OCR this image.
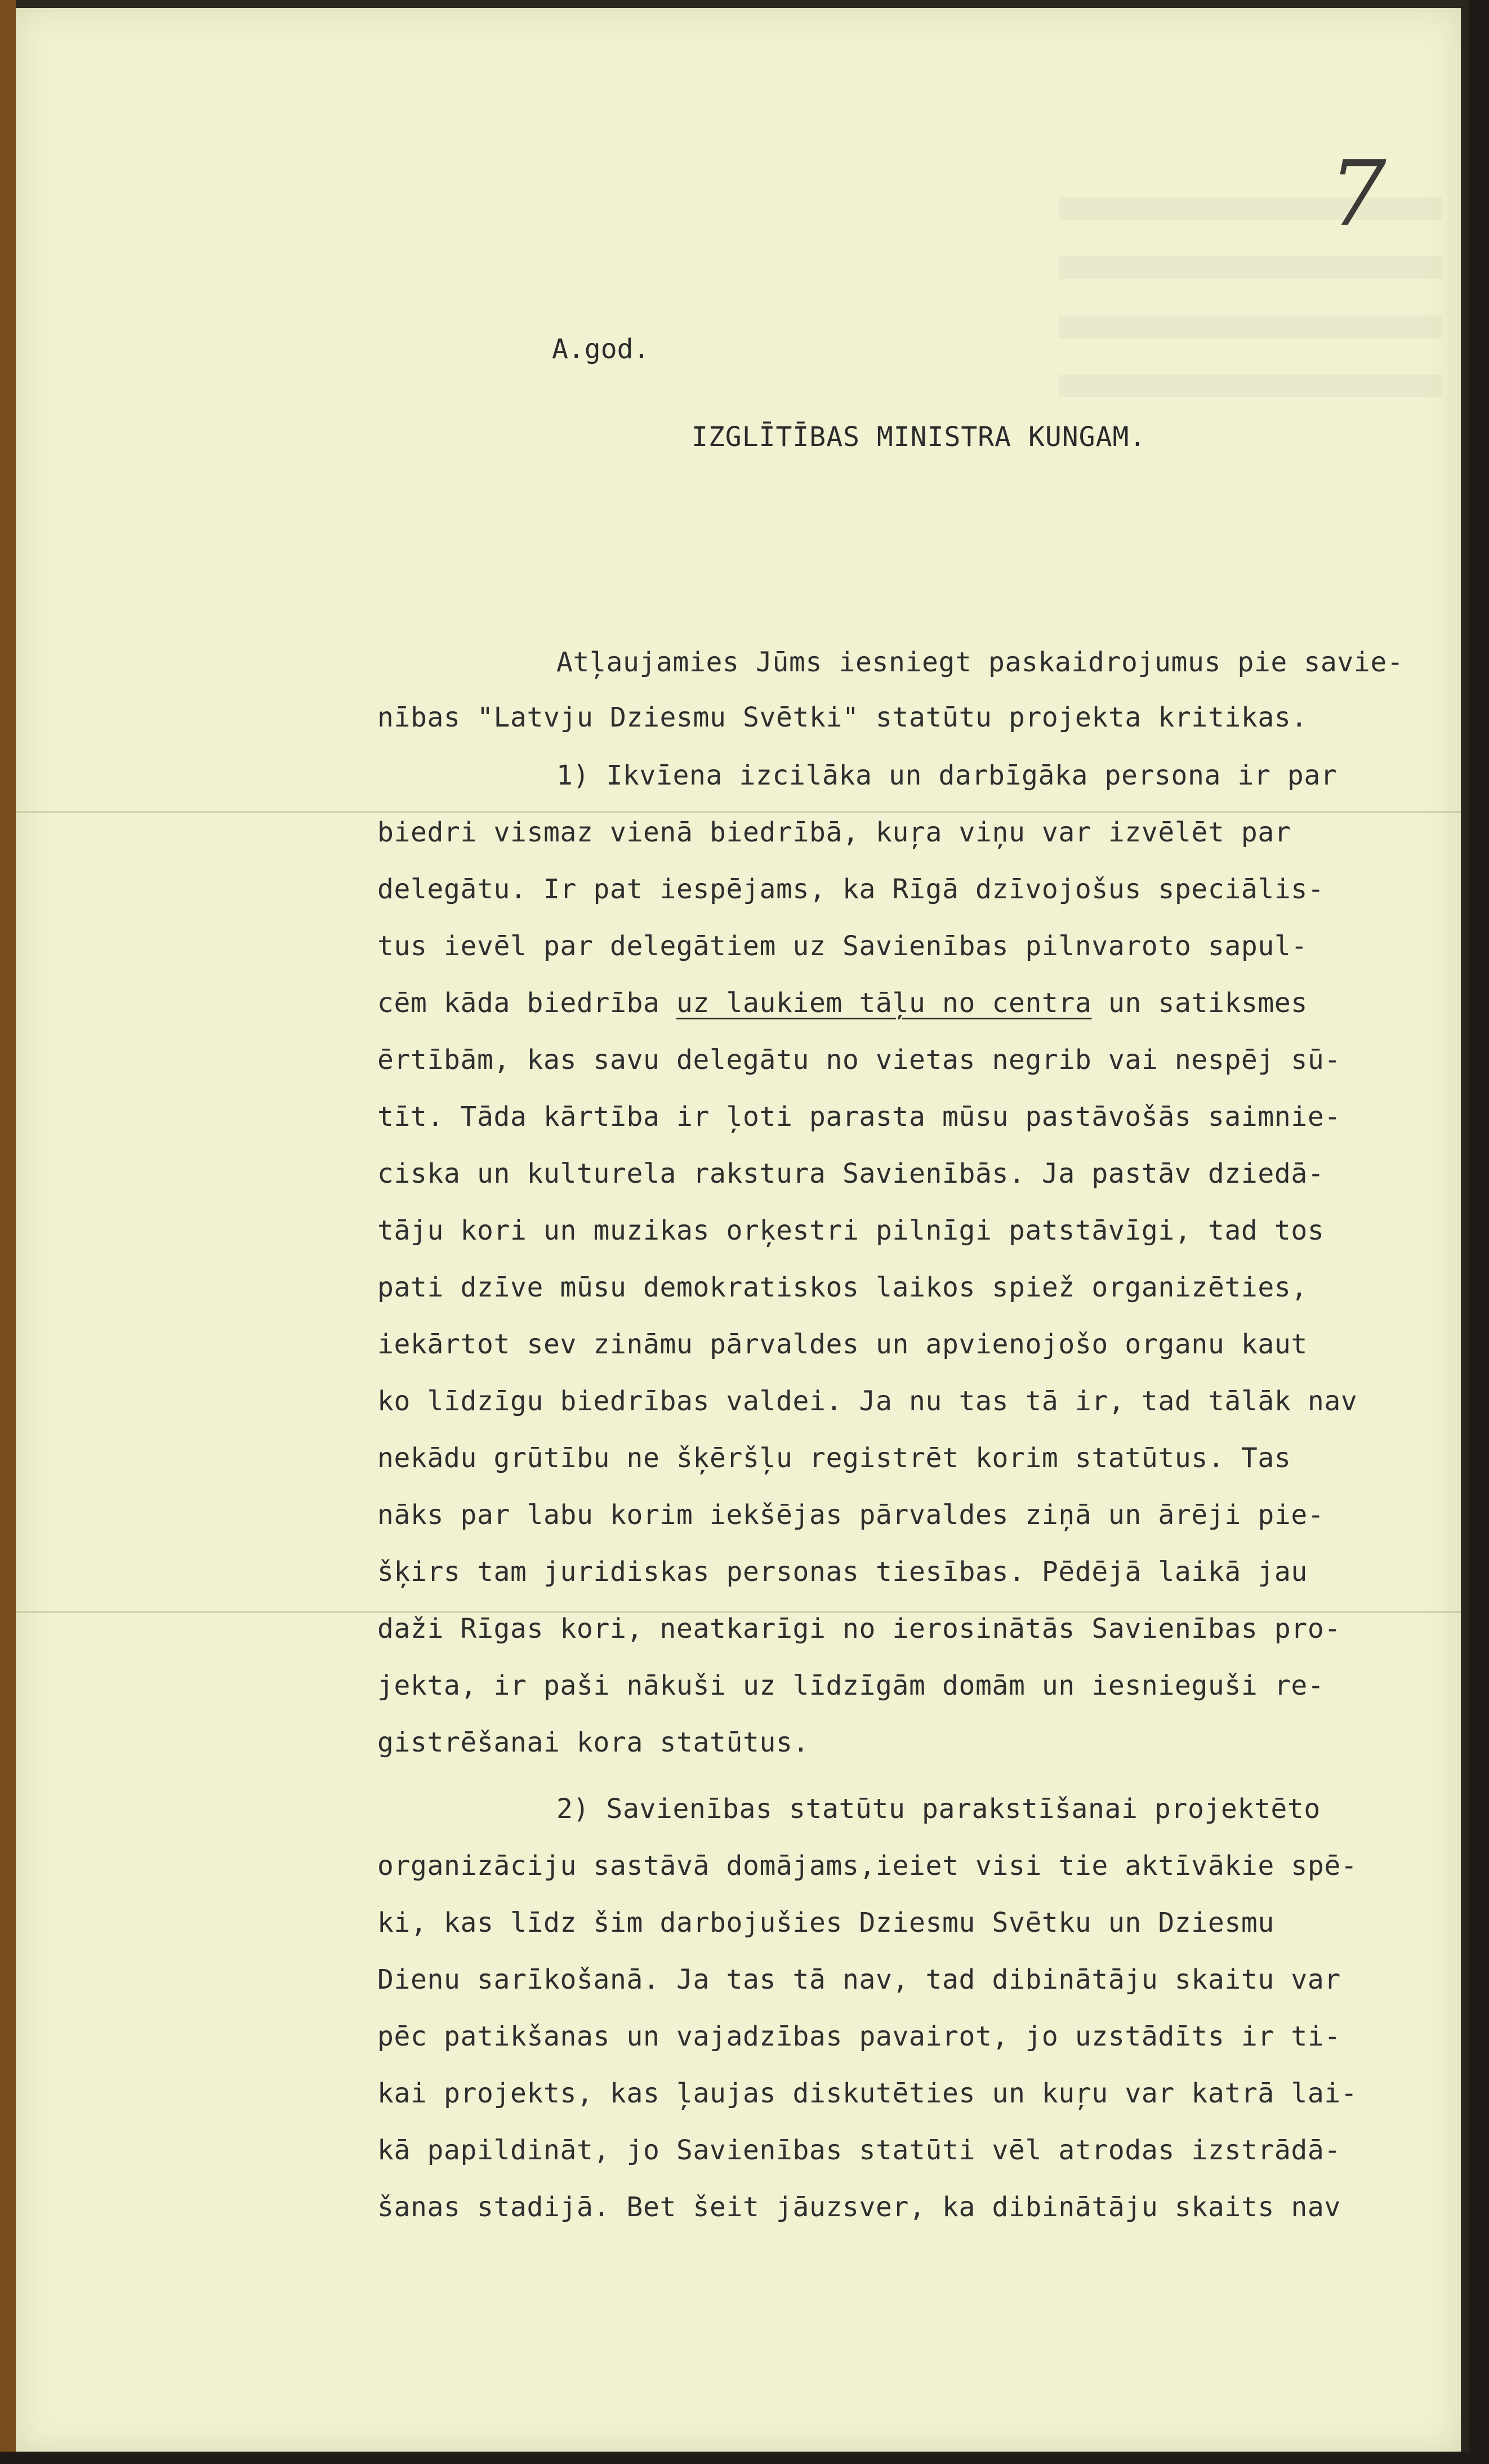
7
A.god.
IZGLĪTĪBAS MINISTRA KUNGAM.
Atļaujamies Jūms iesniegt paskaidrojumus pie savie-
nības "Latvju Dziesmu Svētki" statūtu projekta kritikas.
1) Ikvīena izcilāka un darbīgāka persona ir par
biedri vismaz vienā biedrībā, kuŗa viņu var izvēlēt par
delegātu. Ir pat iespējams, ka Rīgā dzīvojošus speciālis-
tus ievēl par delegātiem uz Savienības pilnvaroto sapul-
cēm kāda biedrība uz laukiem tāļu no centra un satiksmes
ērtībām, kas savu delegātu no vietas negrib vai nespēj sū-
tīt. Tāda kārtība ir ļoti parasta mūsu pastāvošās saimnie-
ciska un kulturela rakstura Savienībās. Ja pastāv dziedā-
tāju kori un muzikas orķestri pilnīgi patstāvīgi, tad tos
pati dzīve mūsu demokratiskos laikos spiež organizēties,
iekārtot sev zināmu pārvaldes un apvienojošo organu kaut
ko līdzīgu biedrības valdei. Ja nu tas tā ir, tad tālāk nav
nekādu grūtību ne šķēršļu registrēt korim statūtus. Tas
nāks par labu korim iekšējas pārvaldes ziņā un ārēji pie-
šķirs tam juridiskas personas tiesības. Pēdējā laikā jau
daži Rīgas kori, neatkarīgi no ierosinātās Savienības pro-
jekta, ir paši nākuši uz līdzīgām domām un iesnieguši re-
gistrēšanai kora statūtus.
2) Savienības statūtu parakstīšanai projektēto
organizāciju sastāvā domājams,ieiet visi tie aktīvākie spē-
ki, kas līdz šim darbojušies Dziesmu Svētku un Dziesmu
Dienu sarīkošanā. Ja tas tā nav, tad dibinātāju skaitu var
pēc patikšanas un vajadzības pavairot, jo uzstādīts ir ti-
kai projekts, kas ļaujas diskutēties un kuŗu var katrā lai-
kā papildināt, jo Savienības statūti vēl atrodas izstrādā-
šanas stadijā. Bet šeit jāuzsver, ka dibinātāju skaits nav
